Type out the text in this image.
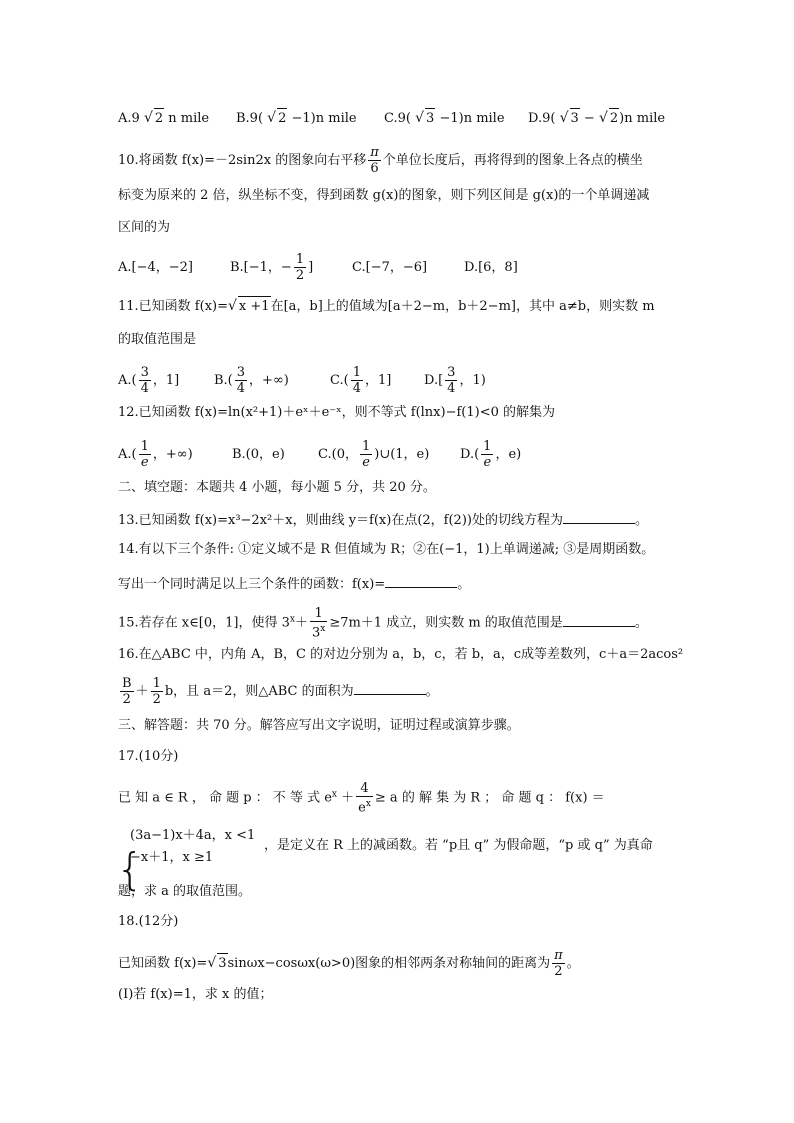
A.9 √ 2 n mile B.9( √ 2 −1)n mile C.9( √ 3 −1)n mile D.9( √ 3 − √ 2)n mile
10.将函数 f(x)=－2sin2x 的图象向右平移 $\frac{\pi}{6}$ 个单位长度后，再将得到的图象上各点的横坐
标变为原来的 2 倍，纵坐标不变，得到函数 g(x)的图象，则下列区间是 g(x)的一个单调递减
区间的为
A.[−4，−2]	B.[−1，− $\frac{1}{2}$ ]	C.[−7，−6]	D.[6，8]
11.已知函数 f(x)=√ x +1在[a，b]上的值域为[a＋2−m，b＋2−m]，其中 a≠b，则实数 m
的取值范围是
$A.( \frac{3}{4}$ ，1]	$B.( \frac{3}{4}$ ，+∞)	$C.( \frac{1}{4}$ ，1]	$D.[ \frac{3}{4}$ ，1)
12.已知函数 f(x)=ln(x²+1)＋eˣ＋e⁻ˣ，则不等式 f(lnx)−f(1)<0 的解集为
$A.( \frac{1}{e}$ ，+∞)	B.(0，e)	C.(0， $\frac{1}{e}$ )∪(1，e) $D.( \frac{1}{e}$ ，e)
二、填空题：本题共 4 小题，每小题 5 分，共 20 分。
13.已知函数 f(x)=x³−2x²＋x，则曲线 y＝f(x)在点(2，f(2))处的切线方程为	。
14.有以下三个条件: ①定义域不是 R 但值域为 R；②在(−1，1)上单调递减; ③是周期函数。
写出一个同时满足以上三个条件的函数：f(x)=	。
15.若存在 x∈[0，1]，使得 $3^x+ \frac{1}{3^x} \ge 7m+1$ 成立，则实数 m 的取值范围是	。
16.在△ABC 中，内角 A，B，C 的对边分别为 a，b，c，若 b，a，c成等差数列，c＋a＝2acos²
$\frac{B}{2} + \frac{1}{2}$ b，且 a＝2，则△ABC 的面积为	。
三、解答题：共 70 分。解答应写出文字说明，证明过程或演算步骤。
17.(10分)
已 知 a ∈ R ， 命 题 p ： 不 等 式 $e^x + \frac{4}{e^x} \ge a$ 的 解 集 为 R ； 命 题 q ： f(x) ＝
{
(3a−1)x＋4a，x <1
−x＋1，x ≥1
，是定义在 R 上的减函数。若 “p且 q” 为假命题，“p 或 q” 为真命
题，求 a 的取值范围。
18.(12分)
已知函数 f(x)=√ 3sinωx−cosωx(ω>0)图象的相邻两条对称轴间的距离为 $\frac{\pi}{2}$ 。
(I)若 f(x)=1，求 x 的值；
